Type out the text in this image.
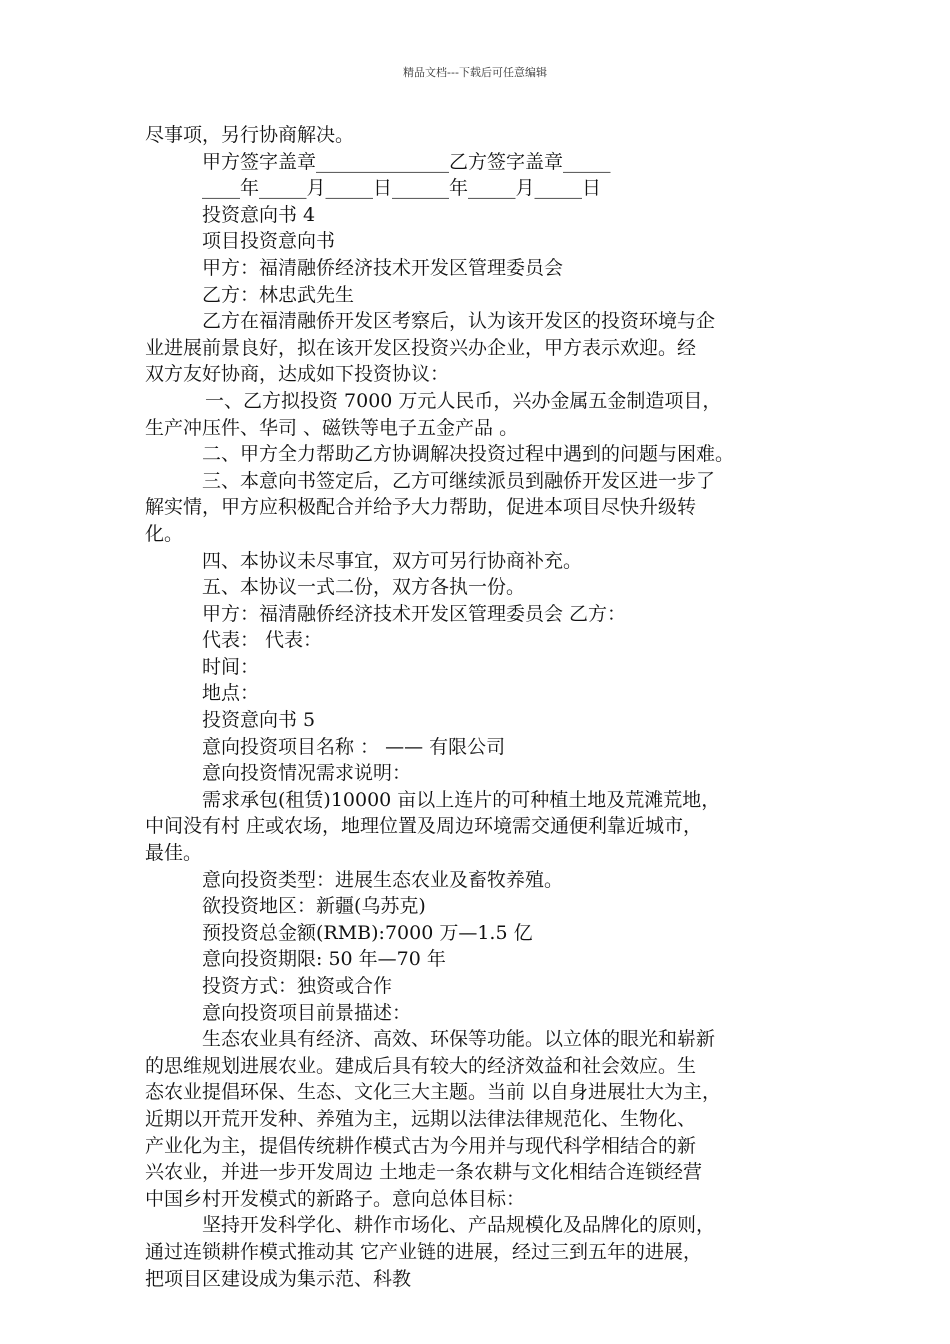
精品文档---下载后可任意编辑
尽事项，另行协商解决。
甲方签字盖章______________乙方签字盖章_____
____年_____月_____日______年_____月_____日
投资意向书 4
项目投资意向书
甲方：福清融侨经济技术开发区管理委员会
乙方：林忠武先生
乙方在福清融侨开发区考察后，认为该开发区的投资环境与企
业进展前景良好，拟在该开发区投资兴办企业，甲方表示欢迎。经
双方友好协商，达成如下投资协议：
一、乙方拟投资 7000 万元人民币，兴办金属五金制造项目，
生产冲压件、华司 、磁铁等电子五金产品 。
二、甲方全力帮助乙方协调解决投资过程中遇到的问题与困难。
三、本意向书签定后，乙方可继续派员到融侨开发区进一步了
解实情，甲方应积极配合并给予大力帮助，促进本项目尽快升级转
化。
四、本协议未尽事宜，双方可另行协商补充。
五、本协议一式二份，双方各执一份。
甲方：福清融侨经济技术开发区管理委员会 乙方：
代表： 代表：
时间：
地点：
投资意向书 5
意向投资项目名称 ： —— 有限公司
意向投资情况需求说明：
需求承包(租赁)10000 亩以上连片的可种植土地及荒滩荒地，
中间没有村 庄或农场，地理位置及周边环境需交通便利靠近城市，
最佳。
意向投资类型：进展生态农业及畜牧养殖。
欲投资地区：新疆(乌苏克)
预投资总金额(RMB):7000 万—1.5 亿
意向投资期限: 50 年—70 年
投资方式：独资或合作
意向投资项目前景描述：
生态农业具有经济、高效、环保等功能。以立体的眼光和崭新
的思维规划进展农业。建成后具有较大的经济效益和社会效应。生
态农业提倡环保、生态、文化三大主题。当前 以自身进展壮大为主，
近期以开荒开发种、养殖为主，远期以法律法律规范化、生物化、
产业化为主，提倡传统耕作模式古为今用并与现代科学相结合的新
兴农业，并进一步开发周边 土地走一条农耕与文化相结合连锁经营
中国乡村开发模式的新路子。意向总体目标：
坚持开发科学化、耕作市场化、产品规模化及品牌化的原则，
通过连锁耕作模式推动其 它产业链的进展，经过三到五年的进展，
把项目区建设成为集示范、科教
